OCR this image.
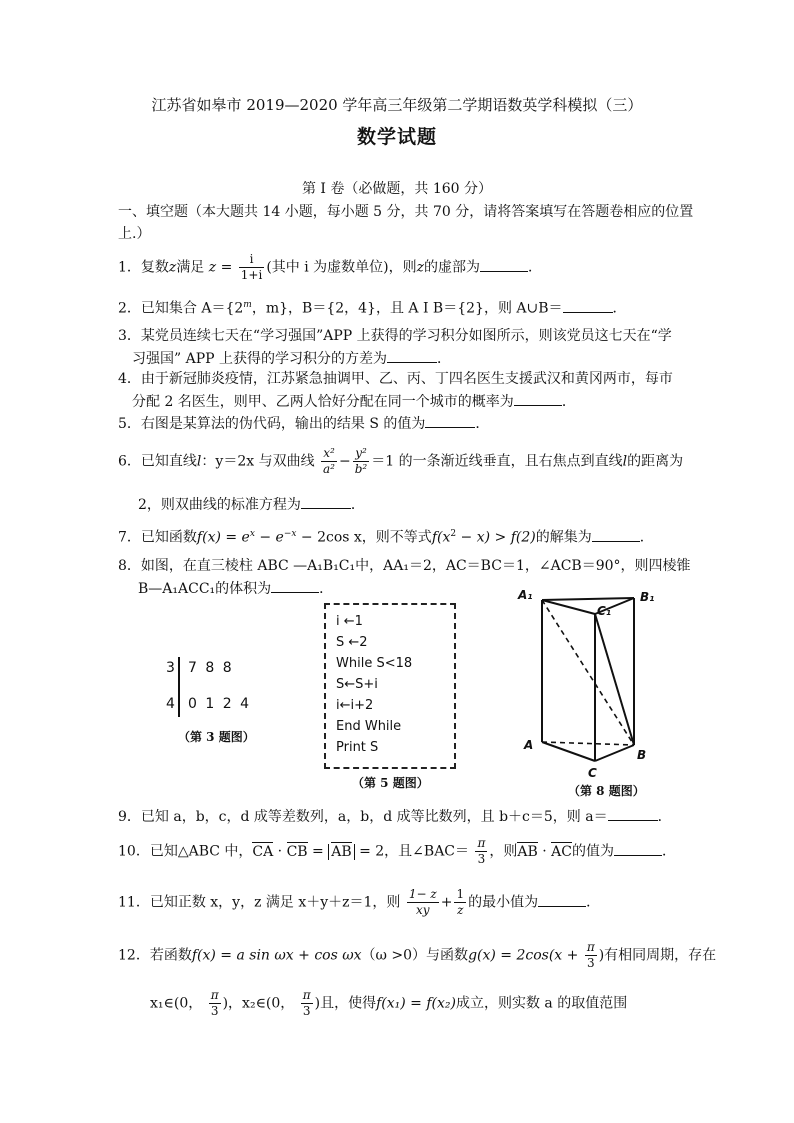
江苏省如皋市 2019—2020 学年高三年级第二学期语数英学科模拟（三）
数学试题
第 I 卷（必做题，共 160 分）
一、填空题（本大题共 14 小题，每小题 5 分，共 70 分，请将答案填写在答题卷相应的位置
上.）
1．复数z满足 $z = \frac{i}{1+i}$ (其中 i 为虚数单位)，则z的虚部为	．
2．已知集合 $A=\{2^m$，m}，B＝{2，4}，且 A I B＝{2}，则 A∪B＝	．
3．某党员连续七天在“学习强国”APP 上获得的学习积分如图所示，则该党员这七天在“学
习强国” APP 上获得的学习积分的方差为	．
4．由于新冠肺炎疫情，江苏紧急抽调甲、乙、丙、丁四名医生支援武汉和黄冈两市，每市
分配 2 名医生，则甲、乙两人恰好分配在同一个城市的概率为	．
5．右图是某算法的伪代码，输出的结果 S 的值为	．
6．已知直线l：y＝2x 与双曲线 $\frac{\text{x²}}{\text{a²}} - \frac{\text{y²}}{\text{b²}} =1$ 的一条渐近线垂直，且右焦点到直线l的距离为
2，则双曲线的标准方程为	．
7．已知函数$f(x) = e^x - e^{-x} - 2\cos$ x，则不等式$f(x^2 - x) > f(2)$的解集为	．
8．如图，在直三棱柱 ABC —A₁B₁C₁中，AA₁＝2，AC＝BC＝1，∠ACB＝90°，则四棱锥
B—A₁ACC₁的体积为	．
3 7 8 8
4 0 1 2 4
（第 3 题图）
i ←1
S ←2
While S<18
S←S+i
i←i+2
End While
Print S
（第 5 题图）
A₁	B₁
C₁
A
B
C
（第 8 题图）
9．已知 a，b，c，d 成等差数列，a，b，d 成等比数列，且 b＋c＝5，则 a＝	．
10．已知△ABC 中，CA · CB = AB = 2，且∠BAC＝ $\frac{\pi}{3}$ ，则AB · AC的值为	．
11．已知正数 x，y，z 满足 x＋y＋z＝1，则 $\frac{1- z}{xy} + \frac{1}{z}$ 的最小值为	．
12．若函数f(x) = a sin ωx + cos ωx（ω >0）与函数$g(x) = 2\cos(x + \frac{\pi}{3}$ )有相同周期，存在
x₁∈(0， $\frac{\pi}{3}$ )，x₂∈(0， $\frac{\pi}{3}$ )且，使得f(x₁) = f(x₂)成立，则实数 a 的取值范围
